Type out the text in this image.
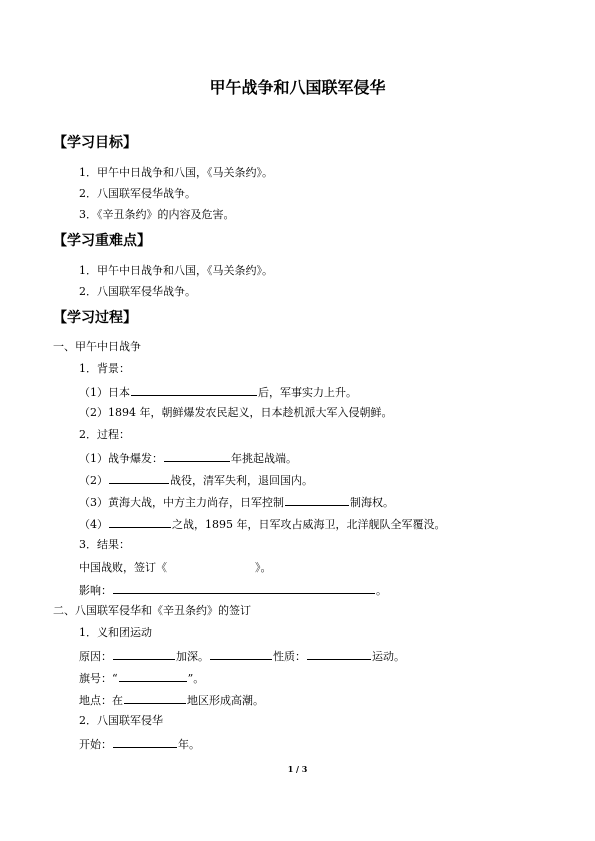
甲午战争和八国联军侵华
【学习目标】
1．甲午中日战争和八国，《马关条约》。
2．八国联军侵华战争。
3．《辛丑条约》的内容及危害。
【学习重难点】
1．甲午中日战争和八国，《马关条约》。
2．八国联军侵华战争。
【学习过程】
一、甲午中日战争
1．背景：
（1）日本	后，军事实力上升。
（2）1894 年，朝鲜爆发农民起义，日本趁机派大军入侵朝鲜。
2．过程：
（1）战争爆发：	年挑起战端。
（2）	战役，清军失利，退回国内。
（3）黄海大战，中方主力尚存，日军控制	制海权。
（4）	之战，1895 年，日军攻占威海卫，北洋舰队全军覆没。
3．结果：
中国战败，签订《	》。
影响：	。
二、八国联军侵华和《辛丑条约》的签订
1．义和团运动
原因：	加深。	性质：	运动。
旗号：“	”。
地点：在	地区形成高潮。
2．八国联军侵华
开始：	年。
1 / 3
